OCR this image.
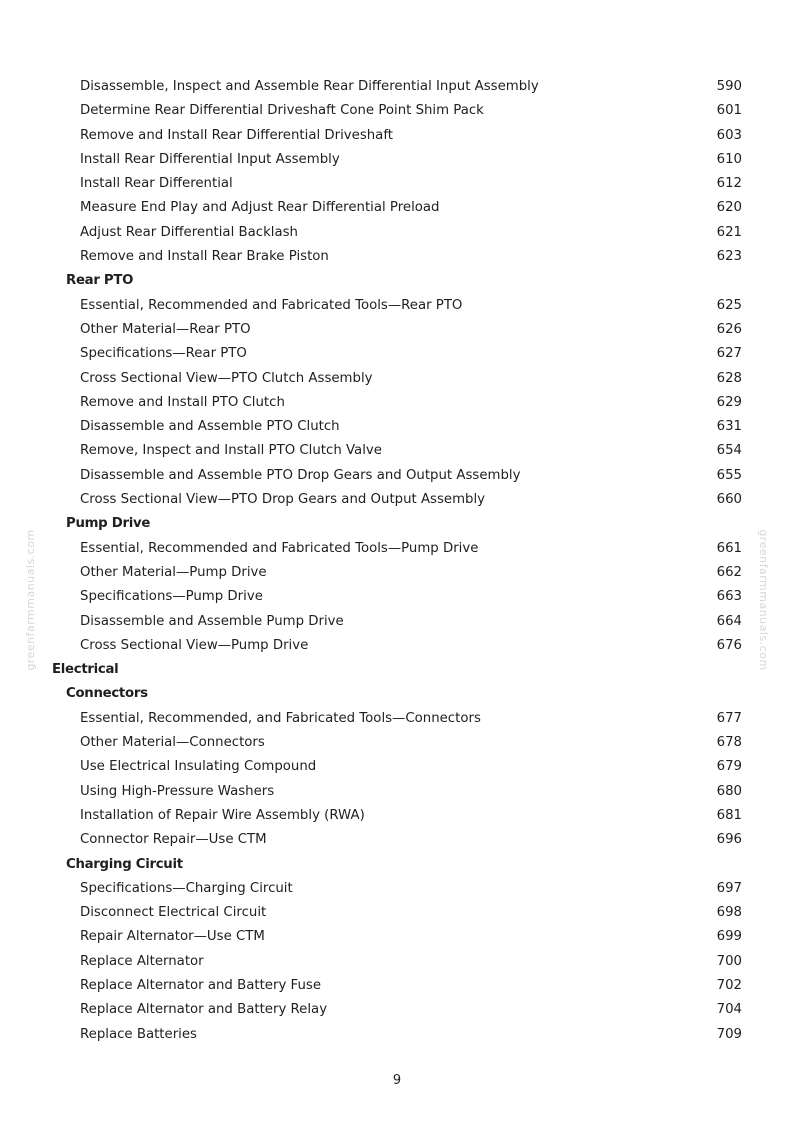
greenfarmmanuals.com	greenfarmmanuals.com
Disassemble, Inspect and Assemble Rear Differential Input Assembly	590
Determine Rear Differential Driveshaft Cone Point Shim Pack	601
Remove and Install Rear Differential Driveshaft	603
Install Rear Differential Input Assembly	610
Install Rear Differential	612
Measure End Play and Adjust Rear Differential Preload	620
Adjust Rear Differential Backlash	621
Remove and Install Rear Brake Piston	623
Rear PTO
Essential, Recommended and Fabricated Tools—Rear PTO	625
Other Material—Rear PTO	626
Specifications—Rear PTO	627
Cross Sectional View—PTO Clutch Assembly	628
Remove and Install PTO Clutch	629
Disassemble and Assemble PTO Clutch	631
Remove, Inspect and Install PTO Clutch Valve	654
Disassemble and Assemble PTO Drop Gears and Output Assembly	655
Cross Sectional View—PTO Drop Gears and Output Assembly	660
Pump Drive
Essential, Recommended and Fabricated Tools—Pump Drive	661
Other Material—Pump Drive	662
Specifications—Pump Drive	663
Disassemble and Assemble Pump Drive	664
Cross Sectional View—Pump Drive	676
Electrical
Connectors
Essential, Recommended, and Fabricated Tools—Connectors	677
Other Material—Connectors	678
Use Electrical Insulating Compound	679
Using High-Pressure Washers	680
Installation of Repair Wire Assembly (RWA)	681
Connector Repair—Use CTM	696
Charging Circuit
Specifications—Charging Circuit	697
Disconnect Electrical Circuit	698
Repair Alternator—Use CTM	699
Replace Alternator	700
Replace Alternator and Battery Fuse	702
Replace Alternator and Battery Relay	704
Replace Batteries	709
9
